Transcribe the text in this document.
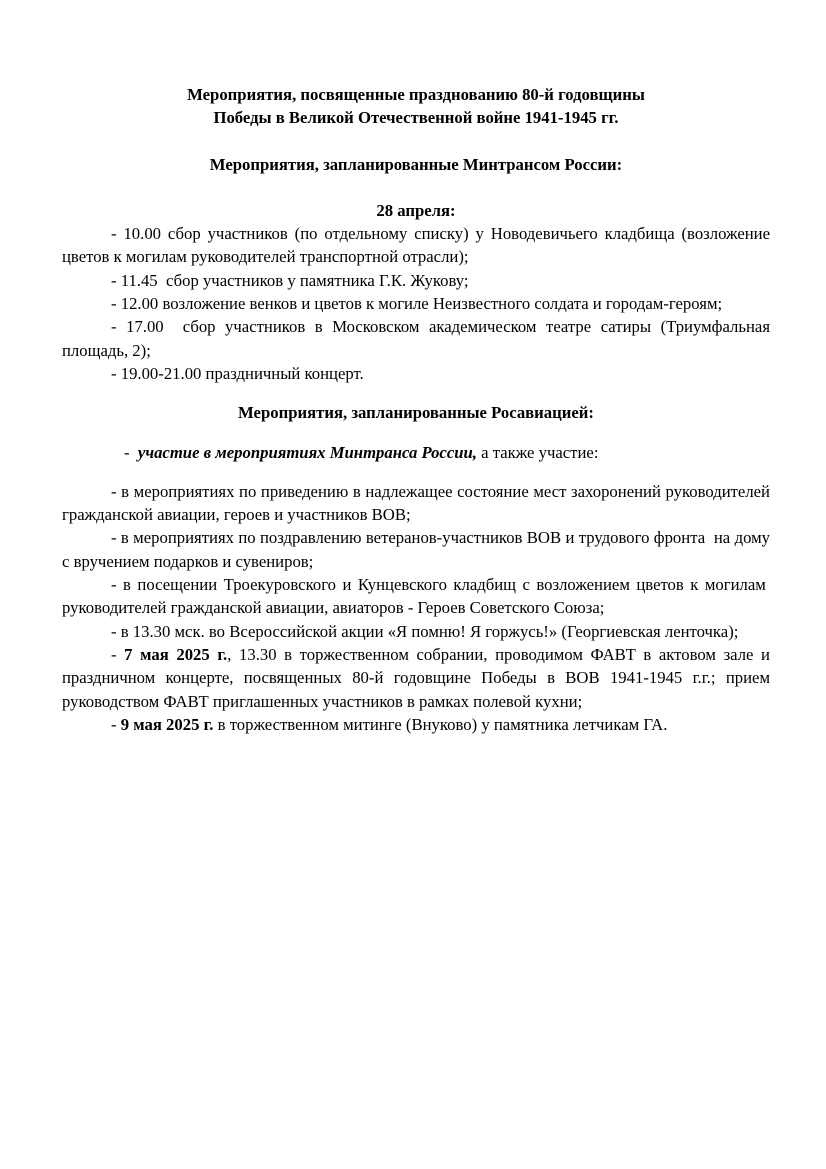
Мероприятия, посвященные празднованию 80-й годовщины
Победы в Великой Отечественной войне 1941-1945 гг.
Мероприятия, запланированные Минтрансом России:
28 апреля:
- 10.00 сбор участников (по отдельному списку) у Новодевичьего кладбища (возложение цветов к могилам руководителей транспортной отрасли);
- 11.45  сбор участников у памятника Г.К. Жукову;
- 12.00 возложение венков и цветов к могиле Неизвестного солдата и городам-героям;
- 17.00  сбор участников в Московском академическом театре сатиры (Триумфальная площадь, 2);
- 19.00-21.00 праздничный концерт.
Мероприятия, запланированные Росавиацией:
-  участие в мероприятиях Минтранса России, а также участие:
- в мероприятиях по приведению в надлежащее состояние мест захоронений руководителей гражданской авиации, героев и участников ВОВ;
- в мероприятиях по поздравлению ветеранов-участников ВОВ и трудового фронта  на дому с вручением подарков и сувениров;
- в посещении Троекуровского и Кунцевского кладбищ с возложением цветов к могилам  руководителей гражданской авиации, авиаторов - Героев Советского Союза;
- в 13.30 мск. во Всероссийской акции «Я помню! Я горжусь!» (Георгиевская ленточка);
- 7 мая 2025 г., 13.30 в торжественном собрании, проводимом ФАВТ в актовом зале и праздничном концерте, посвященных 80-й годовщине Победы в ВОВ 1941-1945 г.г.; прием руководством ФАВТ приглашенных участников в рамках полевой кухни;
- 9 мая 2025 г. в торжественном митинге (Внуково) у памятника летчикам ГА.
